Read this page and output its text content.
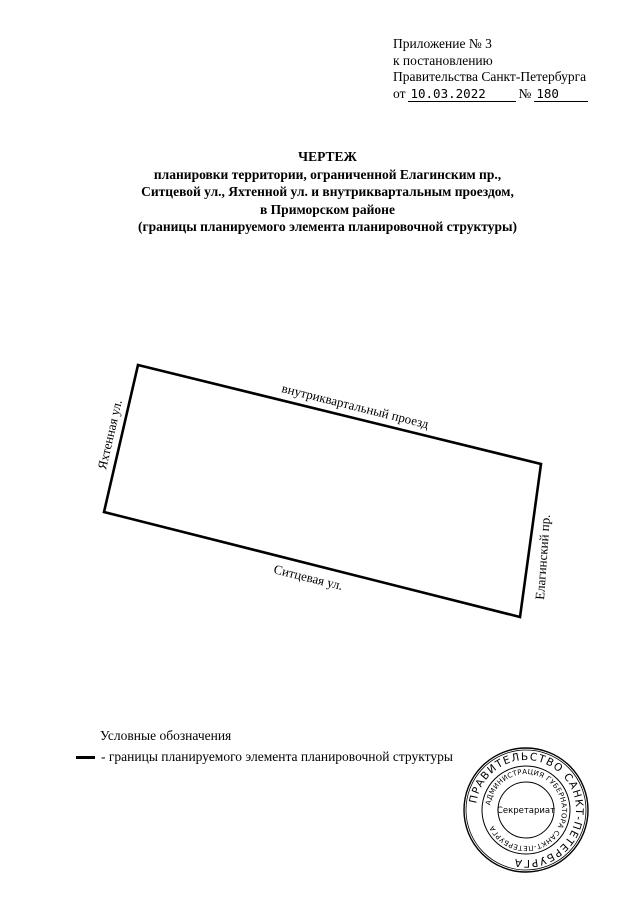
Приложение № 3
к постановлению
Правительства Санкт-Петербурга
от 10.03.2022	№ 180
ЧЕРТЕЖ
планировки территории, ограниченной Елагинским пр.,
Ситцевой ул., Яхтенной ул. и внутриквартальным проездом,
в Приморском районе
(границы планируемого элемента планировочной структуры)
внутриквартальный проезд
Яхтенная ул.
Елагинский пр.
Ситцевая ул.
Условные обозначения
- границы планируемого элемента планировочной структуры
ПРАВИТЕЛЬСТВО САНКТ-ПЕТЕРБУРГА
АДМИНИСТРАЦИЯ ГУБЕРНАТОРА САНКТ-ПЕТЕРБУРГА
Секретариат
